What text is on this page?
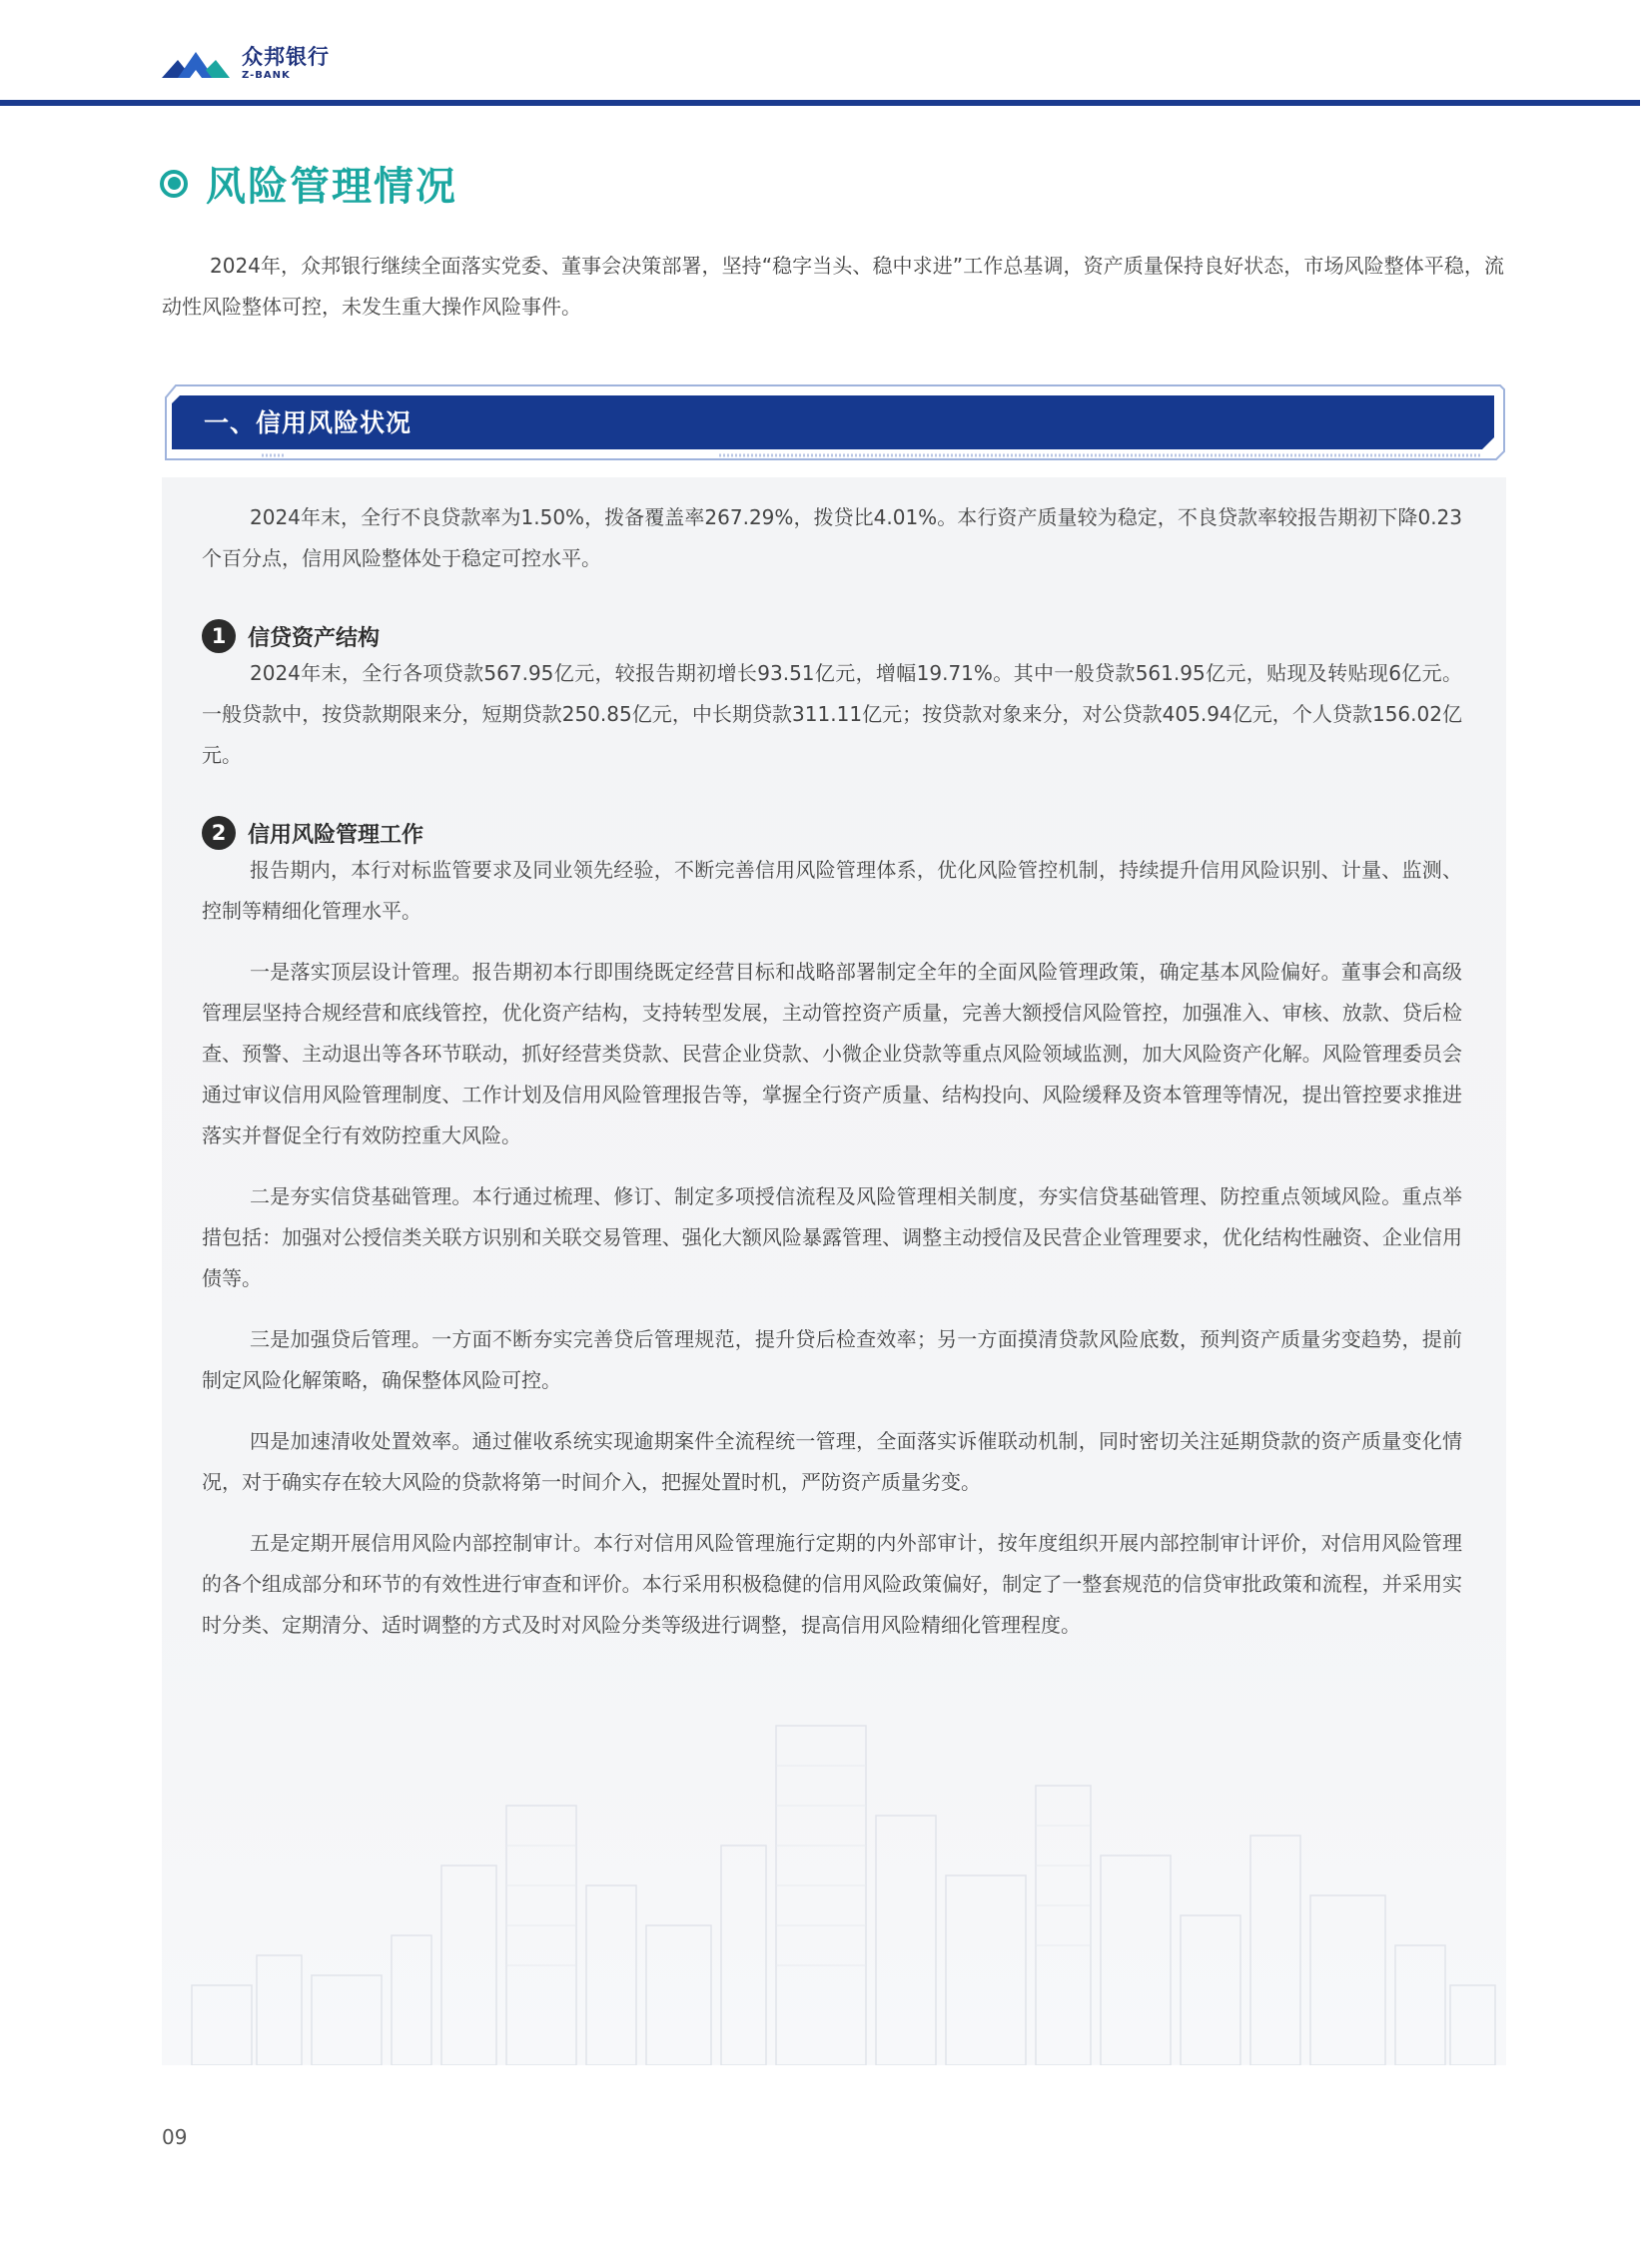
众邦银行
Z-BANK
风险管理情况

2024年，众邦银行继续全面落实党委、董事会决策部署，坚持“稳字当头、稳中求进”工作总基调，资产质量保持良好状态，市场风险整体平稳，流动性风险整体可控，未发生重大操作风险事件。

一、信用风险状况

2024年末，全行不良贷款率为1.50%，拨备覆盖率267.29%，拨贷比4.01%。本行资产质量较为稳定，不良贷款率较报告期初下降0.23个百分点，信用风险整体处于稳定可控水平。

1 信贷资产结构

2024年末，全行各项贷款567.95亿元，较报告期初增长93.51亿元，增幅19.71%。其中一般贷款561.95亿元，贴现及转贴现6亿元。一般贷款中，按贷款期限来分，短期贷款250.85亿元，中长期贷款311.11亿元；按贷款对象来分，对公贷款405.94亿元，个人贷款156.02亿元。

2 信用风险管理工作

报告期内，本行对标监管要求及同业领先经验，不断完善信用风险管理体系，优化风险管控机制，持续提升信用风险识别、计量、监测、控制等精细化管理水平。

一是落实顶层设计管理。报告期初本行即围绕既定经营目标和战略部署制定全年的全面风险管理政策，确定基本风险偏好。董事会和高级管理层坚持合规经营和底线管控，优化资产结构，支持转型发展，主动管控资产质量，完善大额授信风险管控，加强准入、审核、放款、贷后检查、预警、主动退出等各环节联动，抓好经营类贷款、民营企业贷款、小微企业贷款等重点风险领域监测，加大风险资产化解。风险管理委员会通过审议信用风险管理制度、工作计划及信用风险管理报告等，掌握全行资产质量、结构投向、风险缓释及资本管理等情况，提出管控要求推进落实并督促全行有效防控重大风险。

二是夯实信贷基础管理。本行通过梳理、修订、制定多项授信流程及风险管理相关制度，夯实信贷基础管理、防控重点领域风险。重点举措包括：加强对公授信类关联方识别和关联交易管理、强化大额风险暴露管理、调整主动授信及民营企业管理要求，优化结构性融资、企业信用债等。

三是加强贷后管理。一方面不断夯实完善贷后管理规范，提升贷后检查效率；另一方面摸清贷款风险底数，预判资产质量劣变趋势，提前制定风险化解策略，确保整体风险可控。

四是加速清收处置效率。通过催收系统实现逾期案件全流程统一管理，全面落实诉催联动机制，同时密切关注延期贷款的资产质量变化情况，对于确实存在较大风险的贷款将第一时间介入，把握处置时机，严防资产质量劣变。

五是定期开展信用风险内部控制审计。本行对信用风险管理施行定期的内外部审计，按年度组织开展内部控制审计评价，对信用风险管理的各个组成部分和环节的有效性进行审查和评价。本行采用积极稳健的信用风险政策偏好，制定了一整套规范的信贷审批政策和流程，并采用实时分类、定期清分、适时调整的方式及时对风险分类等级进行调整，提高信用风险精细化管理程度。

09
